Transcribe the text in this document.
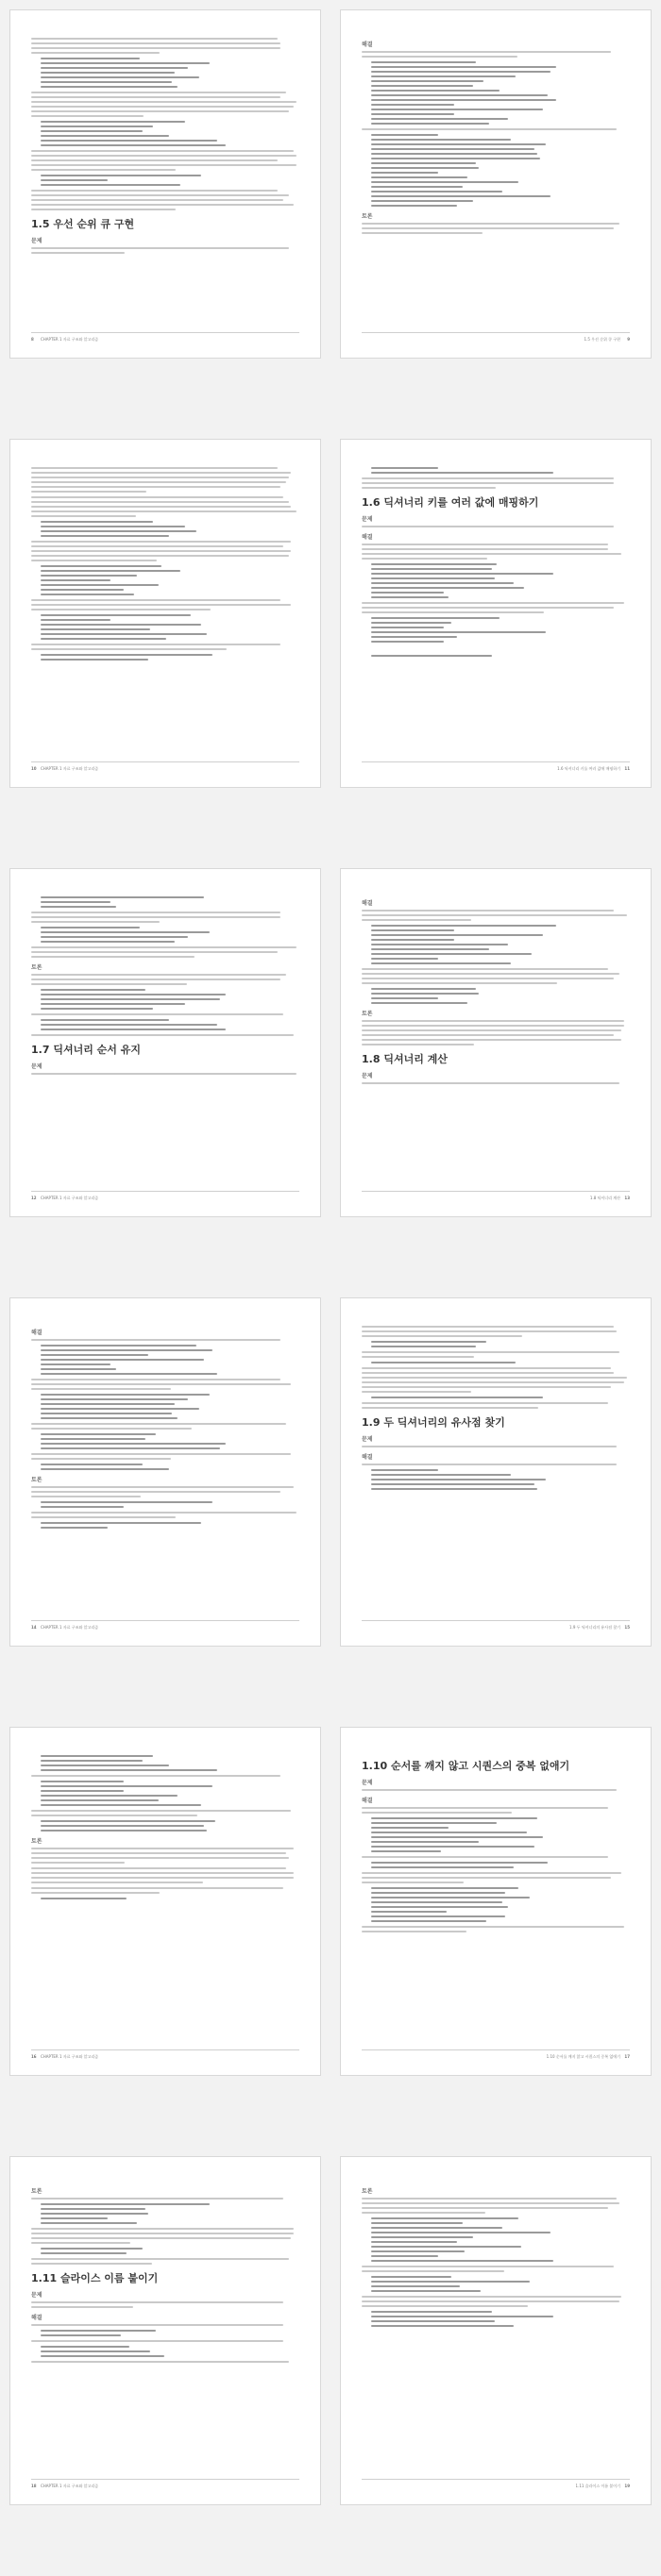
1.5 우선 순위 큐 구현
문제
8 CHAPTER 1 자료 구조와 알고리즘
해결
토론
9
1.5 우선 순위 큐 구현
10 CHAPTER 1 자료 구조와 알고리즘
1.6 딕셔너리 키를 여러 값에 매핑하기
문제
해결
11
1.6 딕셔너리 키를 여러 값에 매핑하기
토론
1.7 딕셔너리 순서 유지
문제
12 CHAPTER 1 자료 구조와 알고리즘
해결
토론
1.8 딕셔너리 계산
문제
13
1.8 딕셔너리 계산
해결
토론
14 CHAPTER 1 자료 구조와 알고리즘
1.9 두 딕셔너리의 유사점 찾기
문제
해결
15
1.9 두 딕셔너리의 유사점 찾기
토론
16 CHAPTER 1 자료 구조와 알고리즘
1.10 순서를 깨지 않고 시퀀스의 중복 없애기
문제
해결
17
1.10 순서를 깨지 않고 시퀀스의 중복 없애기
토론
1.11 슬라이스 이름 붙이기
문제
해결
18 CHAPTER 1 자료 구조와 알고리즘
토론
19
1.11 슬라이스 이름 붙이기
